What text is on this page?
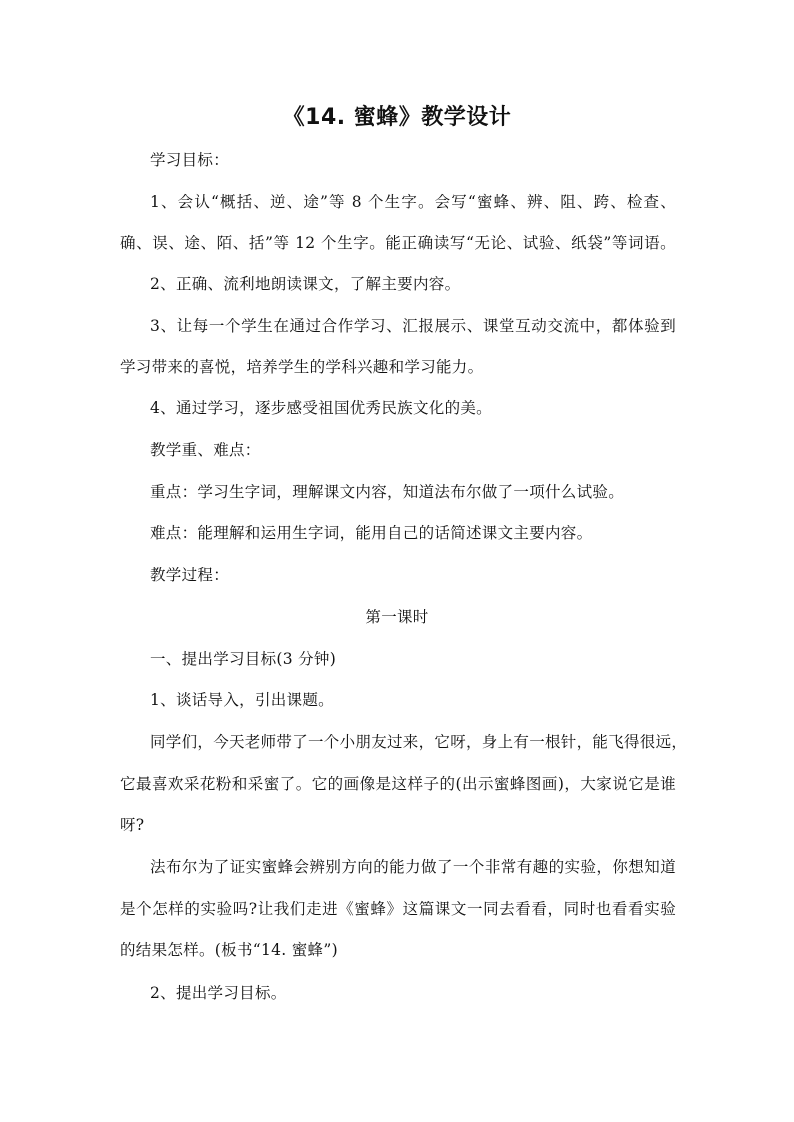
《14. 蜜蜂》教学设计
学习目标：
1、会认“概括、逆、途”等 8 个生字。会写“蜜蜂、辨、阻、跨、检查、
确、误、途、陌、括”等 12 个生字。能正确读写“无论、试验、纸袋”等词语。
2、正确、流利地朗读课文，了解主要内容。
3、让每一个学生在通过合作学习、汇报展示、课堂互动交流中，都体验到
学习带来的喜悦，培养学生的学科兴趣和学习能力。
4、通过学习，逐步感受祖国优秀民族文化的美。
教学重、难点：
重点：学习生字词，理解课文内容，知道法布尔做了一项什么试验。
难点：能理解和运用生字词，能用自己的话简述课文主要内容。
教学过程：
第一课时
一、提出学习目标(3 分钟)
1、谈话导入，引出课题。
同学们，今天老师带了一个小朋友过来，它呀，身上有一根针，能飞得很远，
它最喜欢采花粉和采蜜了。它的画像是这样子的(出示蜜蜂图画)，大家说它是谁
呀?
法布尔为了证实蜜蜂会辨别方向的能力做了一个非常有趣的实验，你想知道
是个怎样的实验吗?让我们走进《蜜蜂》这篇课文一同去看看，同时也看看实验
的结果怎样。(板书“14. 蜜蜂”)
2、提出学习目标。
